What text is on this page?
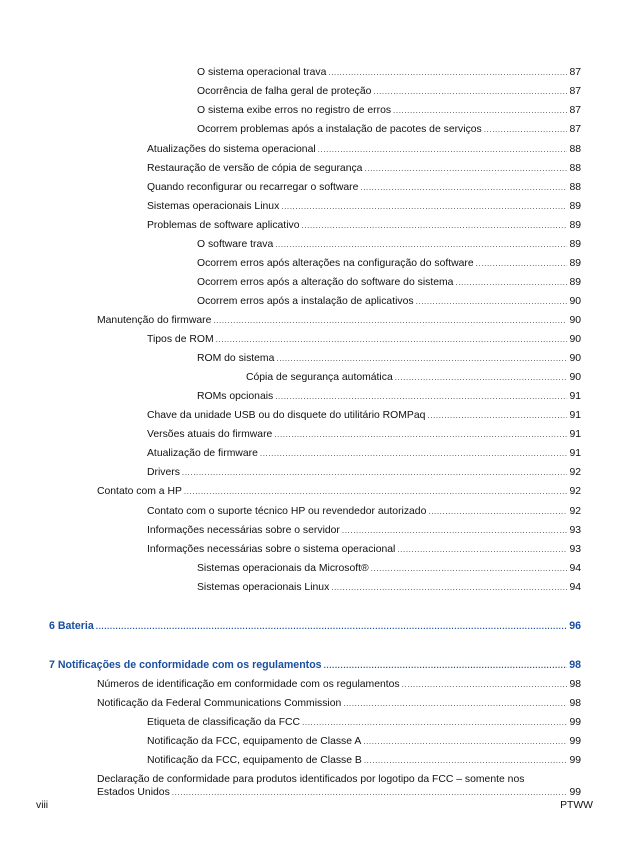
O sistema operacional trava .....	87
Ocorrência de falha geral de proteção .....	87
O sistema exibe erros no registro de erros .....	87
Ocorrem problemas após a instalação de pacotes de serviços .....	87
Atualizações do sistema operacional .....	88
Restauração de versão de cópia de segurança .....	88
Quando reconfigurar ou recarregar o software .....	88
Sistemas operacionais Linux .....	89
Problemas de software aplicativo .....	89
O software trava .....	89
Ocorrem erros após alterações na configuração do software .....	89
Ocorrem erros após a alteração do software do sistema .....	89
Ocorrem erros após a instalação de aplicativos .....	90
Manutenção do firmware .....	90
Tipos de ROM .....	90
ROM do sistema .....	90
Cópia de segurança automática .....	90
ROMs opcionais .....	91
Chave da unidade USB ou do disquete do utilitário ROMPaq .....	91
Versões atuais do firmware .....	91
Atualização de firmware .....	91
Drivers .....	92
Contato com a HP .....	92
Contato com o suporte técnico HP ou revendedor autorizado .....	92
Informações necessárias sobre o servidor .....	93
Informações necessárias sobre o sistema operacional .....	93
Sistemas operacionais da Microsoft® .....	94
Sistemas operacionais Linux .....	94
6 Bateria .....	96
7 Notificações de conformidade com os regulamentos .....	98
Números de identificação em conformidade com os regulamentos .....	98
Notificação da Federal Communications Commission .....	98
Etiqueta de classificação da FCC .....	99
Notificação da FCC, equipamento de Classe A .....	99
Notificação da FCC, equipamento de Classe B .....	99
Declaração de conformidade para produtos identificados por logotipo da FCC – somente nos
Estados Unidos .....	99
viii	PTWW
